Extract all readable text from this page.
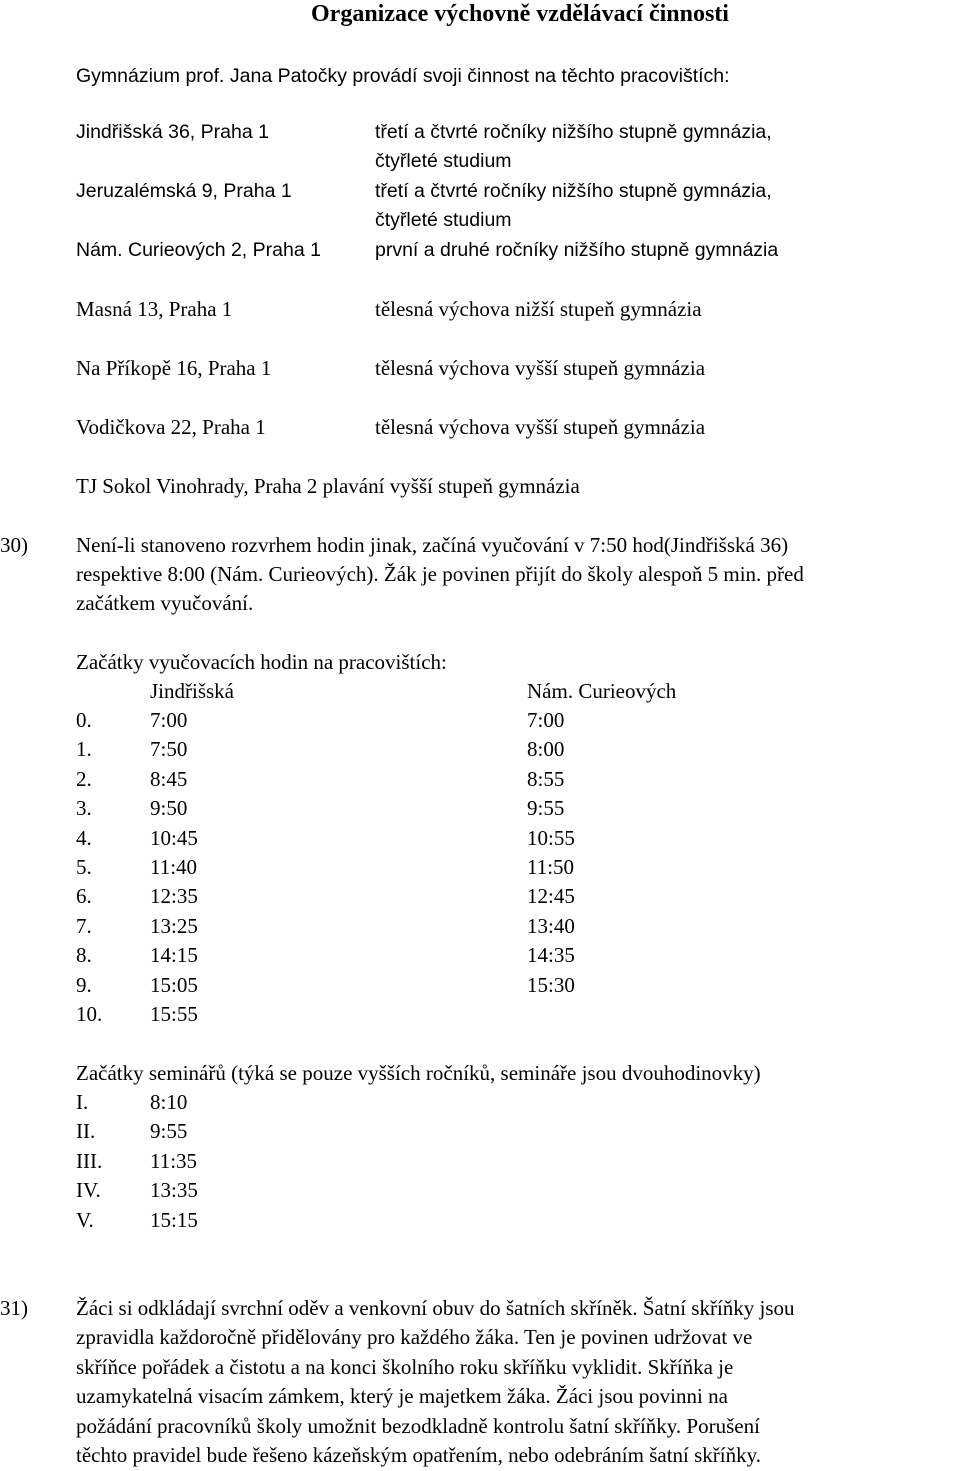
Organizace výchovně vzdělávací činnosti
Gymnázium prof. Jana Patočky provádí svoji činnost na těchto pracovištích:
Jindřišská 36, Praha 1	třetí a čtvrté ročníky nižšího stupně gymnázia,
čtyřleté studium
Jeruzalémská 9, Praha 1	třetí a čtvrté ročníky nižšího stupně gymnázia,
čtyřleté studium
Nám. Curieových 2, Praha 1	první a druhé ročníky nižšího stupně gymnázia
Masná 13, Praha 1	tělesná výchova nižší stupeň gymnázia
Na Příkopě 16, Praha 1	tělesná výchova vyšší stupeň gymnázia
Vodičkova 22, Praha 1	tělesná výchova vyšší stupeň gymnázia
TJ Sokol Vinohrady, Praha 2 plavání vyšší stupeň gymnázia
30) Není-li stanoveno rozvrhem hodin jinak, začíná vyučování v 7:50 hod(Jindřišská 36)
respektive 8:00 (Nám. Curieových). Žák je povinen přijít do školy alespoň 5 min. před
začátkem vyučování.
Začátky vyučovacích hodin na pracovištích:
Jindřišská	Nám. Curieových
0.	7:00	7:00
1.	7:50	8:00
2.	8:45	8:55
3.	9:50	9:55
4.	10:45	10:55
5.	11:40	11:50
6.	12:35	12:45
7.	13:25	13:40
8.	14:15	14:35
9.	15:05	15:30
10. 15:55
Začátky seminářů (týká se pouze vyšších ročníků, semináře jsou dvouhodinovky)
I.	8:10
II.	9:55
III. 11:35
IV. 13:35
V.	15:15
31) Žáci si odkládají svrchní oděv a venkovní obuv do šatních skříněk. Šatní skříňky jsou
zpravidla každoročně přidělovány pro každého žáka. Ten je povinen udržovat ve
skříňce pořádek a čistotu a na konci školního roku skříňku vyklidit. Skříňka je
uzamykatelná visacím zámkem, který je majetkem žáka. Žáci jsou povinni na
požádání pracovníků školy umožnit bezodkladně kontrolu šatní skříňky. Porušení
těchto pravidel bude řešeno kázeňským opatřením, nebo odebráním šatní skříňky.
